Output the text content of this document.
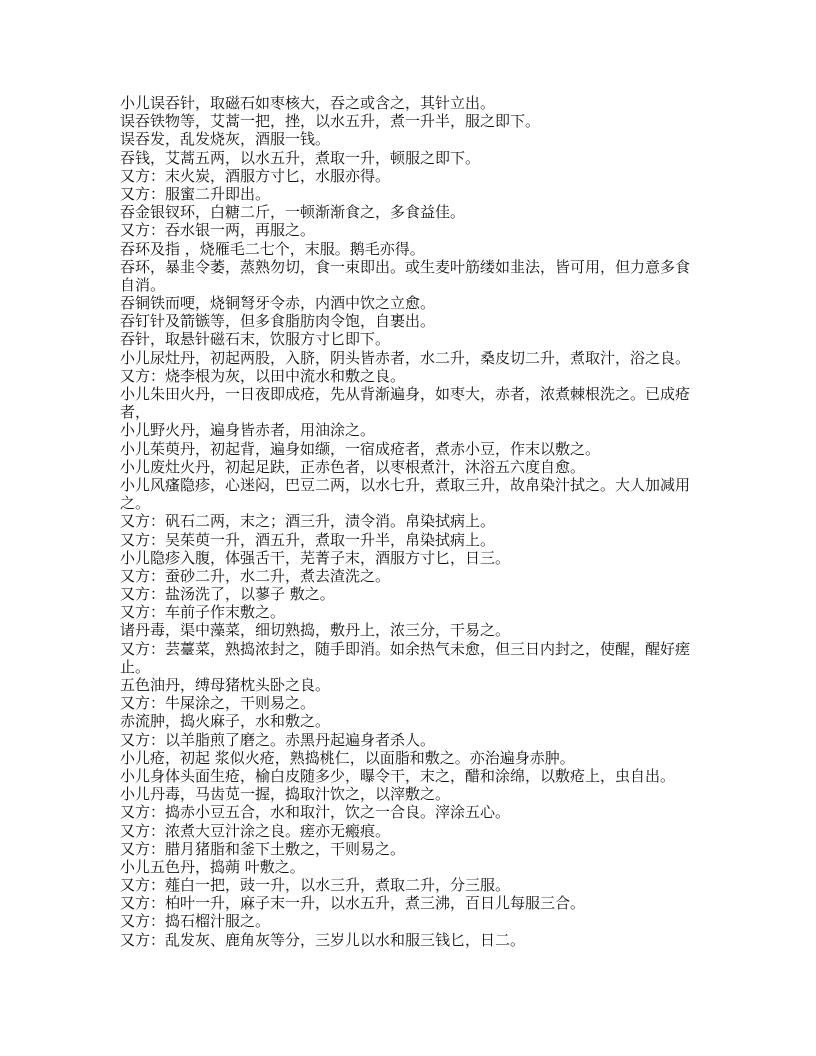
小儿误吞针，取磁石如枣核大，吞之或含之，其针立出。
误吞铁物等，艾蒿一把，挫，以水五升，煮一升半，服之即下。
误吞发，乱发烧灰，酒服一钱。
吞钱，艾蒿五两，以水五升，煮取一升，顿服之即下。
又方：末火炭，酒服方寸匕，水服亦得。
又方：服蜜二升即出。
吞金银钗环，白糖二斤，一顿渐渐食之，多食益佳。
又方：吞水银一两，再服之。
吞环及指 ，烧雁毛二七个，末服。鹅毛亦得。
吞环，暴韭令萎，蒸熟勿切，食一束即出。或生麦叶筋缕如韭法，皆可用，但力意多食
自消。
吞铜铁而哽，烧铜弩牙令赤，内酒中饮之立愈。
吞钉针及箭镞等，但多食脂肪肉令饱，自裹出。
吞针，取悬针磁石末，饮服方寸匕即下。
小儿尿灶丹，初起两股，入脐，阴头皆赤者，水二升，桑皮切二升，煮取汁，浴之良。
又方：烧李根为灰，以田中流水和敷之良。
小儿朱田火丹，一日夜即成疮，先从背渐遍身，如枣大，赤者，浓煮棘根洗之。已成疮
者，
小儿野火丹，遍身皆赤者，用油涂之。
小儿茱萸丹，初起背，遍身如缬，一宿成疮者，煮赤小豆，作末以敷之。
小儿废灶火丹，初起足趺，正赤色者，以枣根煮汁，沐浴五六度自愈。
小儿风瘙隐疹，心迷闷，巴豆二两，以水七升，煮取三升，故帛染汁拭之。大人加减用
之。
又方：矾石二两，末之；酒三升，渍令消。帛染拭病上。
又方：吴茱萸一升，酒五升，煮取一升半，帛染拭病上。
小儿隐疹入腹，体强舌干，芜菁子末，酒服方寸匕，日三。
又方：蚕砂二升，水二升，煮去渣洗之。
又方：盐汤洗了，以蓼子 敷之。
又方：车前子作末敷之。
诸丹毒，渠中藻菜，细切熟捣，敷丹上，浓三分，干易之。
又方：芸薹菜，熟捣浓封之，随手即消。如余热气未愈，但三日内封之，使醒，醒好瘥
止。
五色油丹，缚母猪枕头卧之良。
又方：牛屎涂之，干则易之。
赤流肿，捣火麻子，水和敷之。
又方：以羊脂煎了磨之。赤黑丹起遍身者杀人。
小儿疮，初起 浆似火疮，熟捣桃仁，以面脂和敷之。亦治遍身赤肿。
小儿身体头面生疮，榆白皮随多少，曝令干，末之，醋和涂绵，以敷疮上，虫自出。
小儿丹毒，马齿苋一握，捣取汁饮之，以滓敷之。
又方：捣赤小豆五合，水和取汁，饮之一合良。滓涂五心。
又方：浓煮大豆汁涂之良。瘥亦无瘢痕。
又方：腊月猪脂和釜下土敷之，干则易之。
小儿五色丹，捣蒴 叶敷之。
又方：薤白一把，豉一升，以水三升，煮取二升，分三服。
又方：柏叶一升，麻子末一升，以水五升，煮三沸，百日儿每服三合。
又方：捣石榴汁服之。
又方：乱发灰、鹿角灰等分，三岁儿以水和服三钱匕，日二。
